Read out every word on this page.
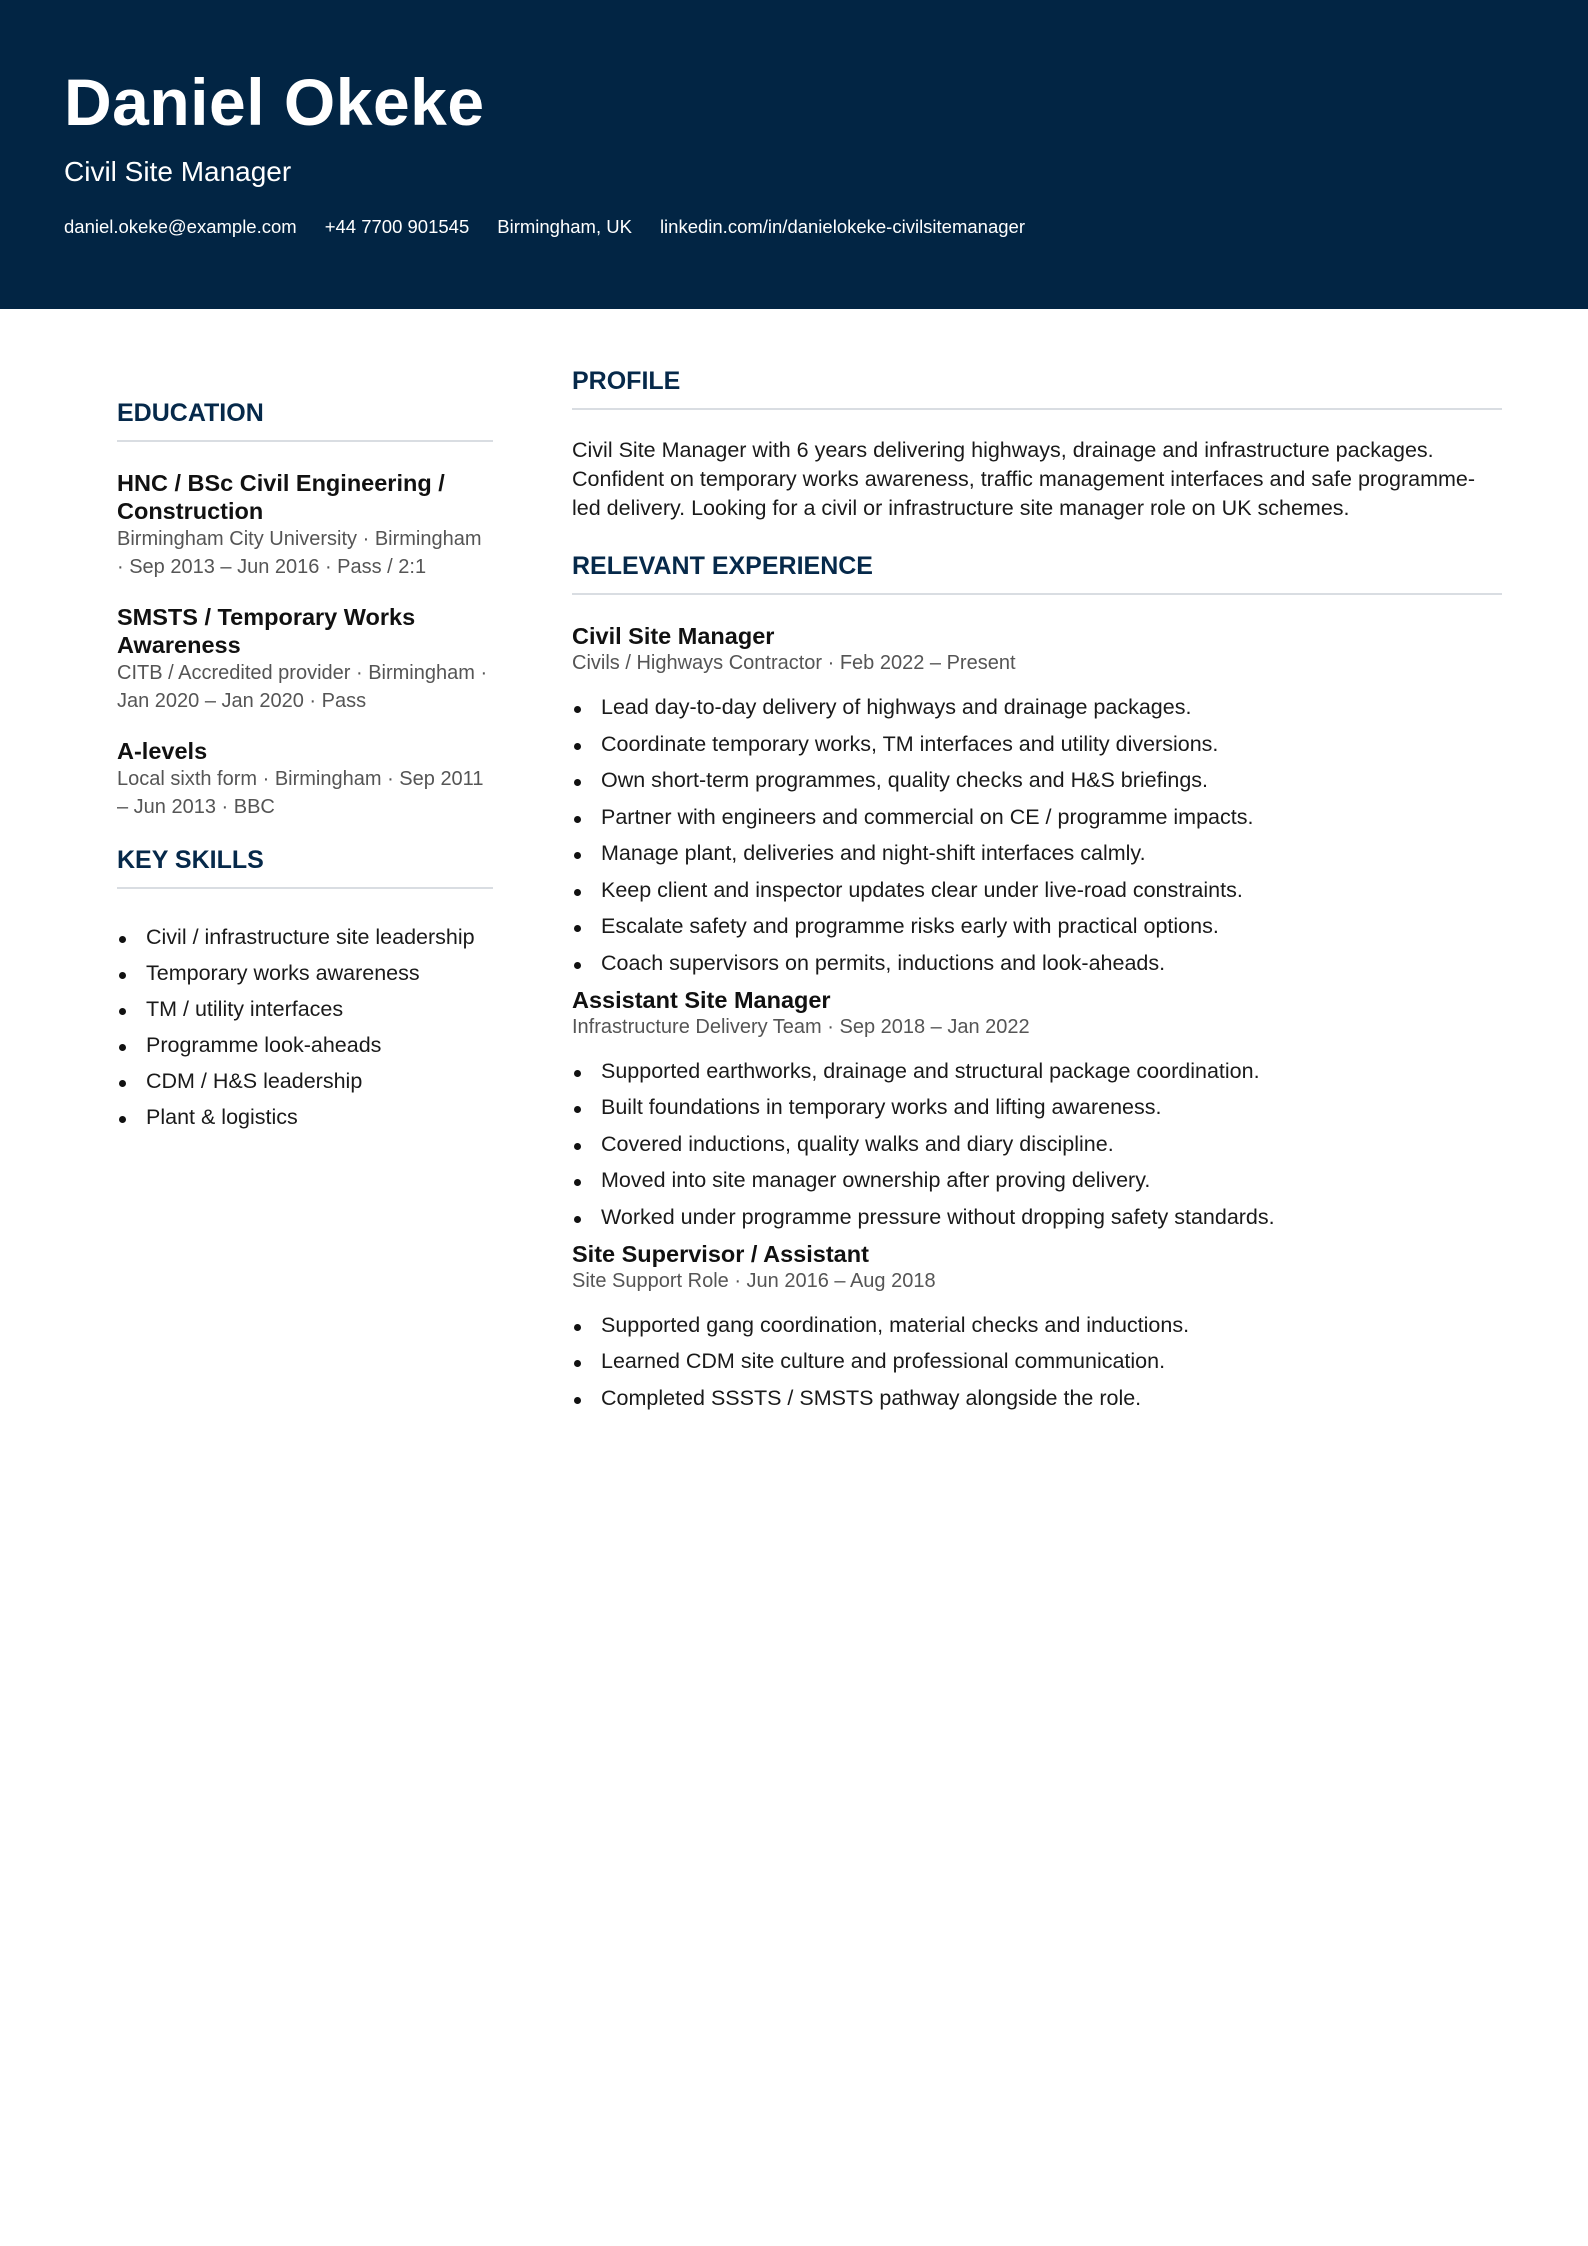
Daniel Okeke
Civil Site Manager
daniel.okeke@example.com +44 7700 901545 Birmingham, UK linkedin.com/in/danielokeke-civilsitemanager
EDUCATION
HNC / BSc Civil Engineering / Construction
Birmingham City University · Birmingham · Sep 2013 – Jun 2016 · Pass / 2:1
SMSTS / Temporary Works Awareness
CITB / Accredited provider · Birmingham · Jan 2020 – Jan 2020 · Pass
A-levels
Local sixth form · Birmingham · Sep 2011 – Jun 2013 · BBC
KEY SKILLS
Civil / infrastructure site leadership
Temporary works awareness
TM / utility interfaces
Programme look-aheads
CDM / H&S leadership
Plant & logistics
PROFILE

Civil Site Manager with 6 years delivering highways, drainage and infrastructure packages. Confident on temporary works awareness, traffic management interfaces and safe programme-led delivery. Looking for a civil or infrastructure site manager role on UK schemes.

RELEVANT EXPERIENCE
Civil Site Manager
Civils / Highways Contractor · Feb 2022 – Present
Lead day-to-day delivery of highways and drainage packages.
Coordinate temporary works, TM interfaces and utility diversions.
Own short-term programmes, quality checks and H&S briefings.
Partner with engineers and commercial on CE / programme impacts.
Manage plant, deliveries and night-shift interfaces calmly.
Keep client and inspector updates clear under live-road constraints.
Escalate safety and programme risks early with practical options.
Coach supervisors on permits, inductions and look-aheads.
Assistant Site Manager
Infrastructure Delivery Team · Sep 2018 – Jan 2022
Supported earthworks, drainage and structural package coordination.
Built foundations in temporary works and lifting awareness.
Covered inductions, quality walks and diary discipline.
Moved into site manager ownership after proving delivery.
Worked under programme pressure without dropping safety standards.
Site Supervisor / Assistant
Site Support Role · Jun 2016 – Aug 2018
Supported gang coordination, material checks and inductions.
Learned CDM site culture and professional communication.
Completed SSSTS / SMSTS pathway alongside the role.
